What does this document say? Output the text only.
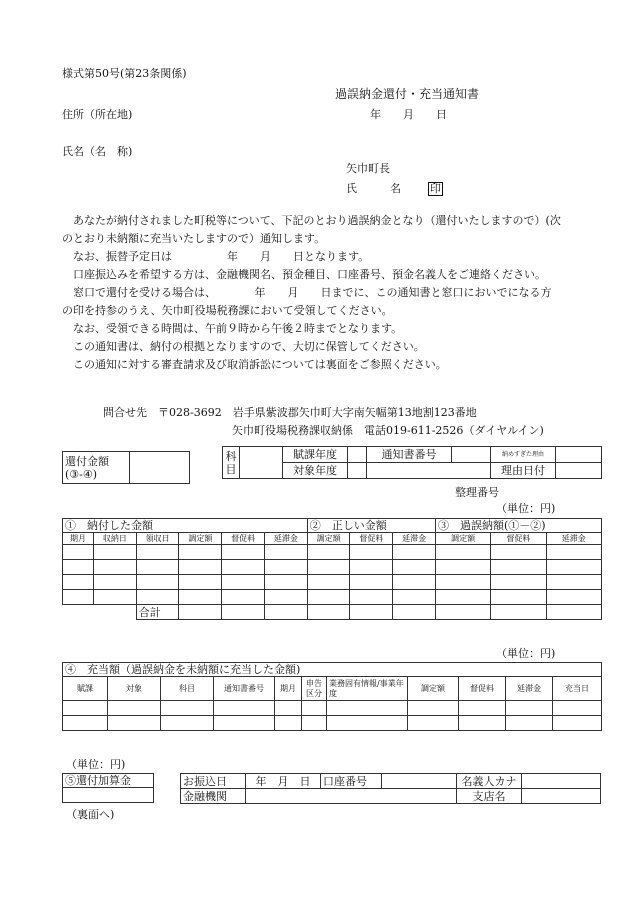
様式第50号(第23条関係)
過誤納金還付・充当通知書
住所（所在地)	年　　月　　日
氏名（名　称)
矢巾町長
氏　　　名	印

あなたが納付されました町税等について、下記のとおり過誤納金となり（還付いたしますので）(次のとおり未納額に充当いたしますので）通知します。

なお、振替予定日は　　　　　年　　月　　日となります。

口座振込みを希望する方は、金融機関名、預金種目、口座番号、預金名義人をご連絡ください。

窓口で還付を受ける場合は、　　　　年　　月　　日までに、この通知書と窓口においでになる方の印を持参のうえ、矢巾町役場税務課において受領してください。

なお、受領できる時間は、午前９時から午後２時までとなります。

この通知書は、納付の根拠となりますので、大切に保管してください。

この通知に対する審査請求及び取消訴訟については裏面をご参照ください。

問合せ先　〒028-3692　岩手県紫波郡矢巾町大字南矢幅第13地割123番地
矢巾町役場税務課収納係　電話019-611-2526（ダイヤルイン)
還付金額
(③-④)

科
目		賦課年度		通知書番号		納めすぎた理由	
		対象年度				理由日付	
整理番号
（単位：円)
①　納付した金額						②　正しい金額			③　過誤納額(①－②)		
期月	収納日	領収日	調定額	督促料	延滞金	調定額	督促料	延滞金	調定額	督促料	延滞金

		合計									
（単位：円)
④　充当額（過誤納金を未納額に充当した金額)										
賦課	対象	科目	通知書番号	期月	申告区分	業務固有情報/事業年度	調定額	督促料	延滞金	充当日

（単位：円)
⑤還付加算金	お振込日	年　月　日	口座番号		名義人カナ	
金融機関				支店名	
（裏面へ)
